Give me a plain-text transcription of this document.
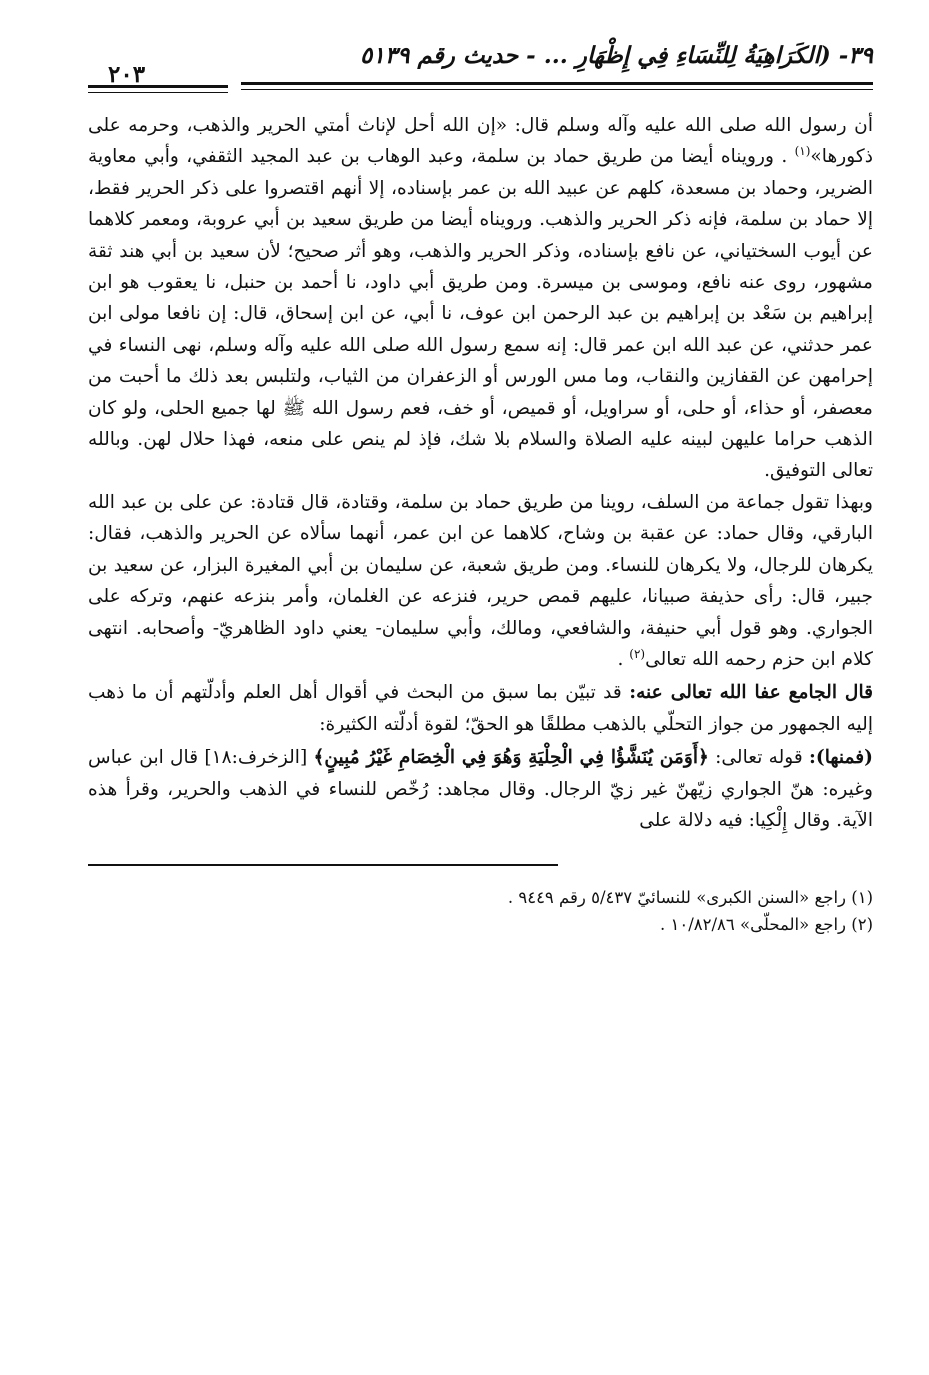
٣٩- (الكَرَاهِيَةُ لِلنِّسَاءِ فِي إِظْهَارِ ... - حديث رقم ٥١٣٩
٢٠٣

أن رسول الله صلى الله عليه وآله وسلم قال: «إن الله أحل لإناث أمتي الحرير والذهب، وحرمه على ذكورها»$^{(١)}$ . ورويناه أيضا من طريق حماد بن سلمة، وعبد الوهاب بن عبد المجيد الثقفي، وأبي معاوية الضرير، وحماد بن مسعدة، كلهم عن عبيد الله بن عمر بإسناده، إلا أنهم اقتصروا على ذكر الحرير فقط، إلا حماد بن سلمة، فإنه ذكر الحرير والذهب. ورويناه أيضا من طريق سعيد بن أبي عروبة، ومعمر كلاهما عن أيوب السختياني، عن نافع بإسناده، وذكر الحرير والذهب، وهو أثر صحيح؛ لأن سعيد بن أبي هند ثقة مشهور، روى عنه نافع، وموسى بن ميسرة. ومن طريق أبي داود، نا أحمد بن حنبل، نا يعقوب هو ابن إبراهيم بن سَعْد بن إبراهيم بن عبد الرحمن ابن عوف، نا أبي، عن ابن إسحاق، قال: إن نافعا مولى ابن عمر حدثني، عن عبد الله ابن عمر قال: إنه سمع رسول الله صلى الله عليه وآله وسلم، نهى النساء في إحرامهن عن القفازين والنقاب، وما مس الورس أو الزعفران من الثياب، ولتلبس بعد ذلك ما أحبت من معصفر، أو حذاء، أو حلى، أو سراويل، أو قميص، أو خف، فعم رسول الله ﷺ لها جميع الحلى، ولو كان الذهب حراما عليهن لبينه عليه الصلاة والسلام بلا شك، فإذ لم ينص على منعه، فهذا حلال لهن. وبالله تعالى التوفيق.

وبهذا تقول جماعة من السلف، روينا من طريق حماد بن سلمة، وقتادة، قال قتادة: عن على بن عبد الله البارقي، وقال حماد: عن عقبة بن وشاح، كلاهما عن ابن عمر، أنهما سألاه عن الحرير والذهب، فقال: يكرهان للرجال، ولا يكرهان للنساء. ومن طريق شعبة، عن سليمان بن أبي المغيرة البزار، عن سعيد بن جبير، قال: رأى حذيفة صبيانا، عليهم قمص حرير، فنزعه عن الغلمان، وأمر بنزعه عنهم، وتركه على الجواري. وهو قول أبي حنيفة، والشافعي، ومالك، وأبي سليمان- يعني داود الظاهريّ- وأصحابه. انتهى كلام ابن حزم رحمه الله تعالى$^{(٢)}$ .

قال الجامع عفا الله تعالى عنه: قد تبيّن بما سبق من البحث في أقوال أهل العلم وأدلّتهم أن ما ذهب إليه الجمهور من جواز التحلّي بالذهب مطلقًا هو الحقّ؛ لقوة أدلّته الكثيرة:

(فمنها): قوله تعالى: ﴿أَوَمَن يُنَشَّؤُا فِي الْحِلْيَةِ وَهُوَ فِي الْخِصَامِ غَيْرُ مُبِينٍ﴾ [الزخرف:١٨] قال ابن عباس وغيره: هنّ الجواري زيّهنّ غير زيّ الرجال. وقال مجاهد: رُخّص للنساء في الذهب والحرير، وقرأ هذه الآية. وقال إِلْكِيا: فيه دلالة على

(١) راجع «السنن الكبرى» للنسائيّ ٥/٤٣٧ رقم ٩٤٤٩ .

(٢) راجع «المحلّى» ١٠/٨٢/٨٦ .
